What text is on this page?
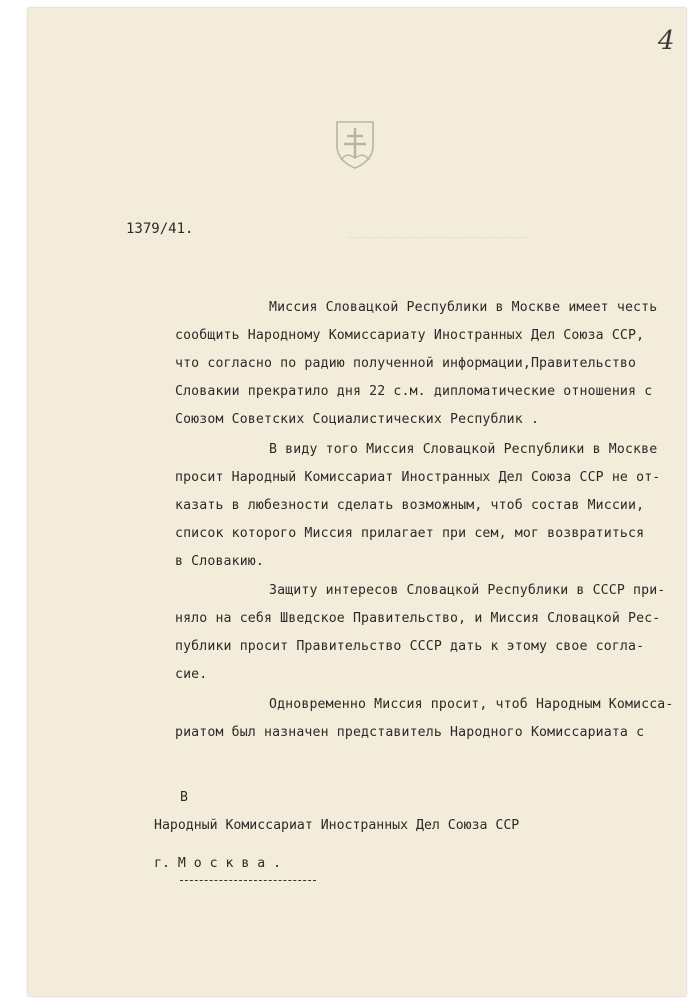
4
1379/41.	—————————————————————————
Миссия Словацкой Республики в Москве имеет честь
сообщить Народному Комиссариату Иностранных Дел Союза ССР,
что согласно по радию полученной информации,Правительство
Словакии прекратило дня 22 с.м. дипломатические отношения с
Союзом Советских Социалистических Республик .
В виду того Миссия Словацкой Республики в Москве
просит Народный Комиссариат Иностранных Дел Союза ССР не от-
казать в любезности сделать возможным, чтоб состав Миссии,
список которого Миссия прилагает при сем, мог возвратиться
в Словакию.
Защиту интересов Словацкой Республики в СССР при-
няло на себя Шведское Правительство, и Миссия Словацкой Рес-
публики просит Правительство СССР дать к этому свое согла-
сие.
Одновременно Миссия просит, чтоб Народным Комисса-
риатом был назначен представитель Народного Комиссариата с
В
Народный Комиссариат Иностранных Дел Союза ССР
г. М о с к в а .
